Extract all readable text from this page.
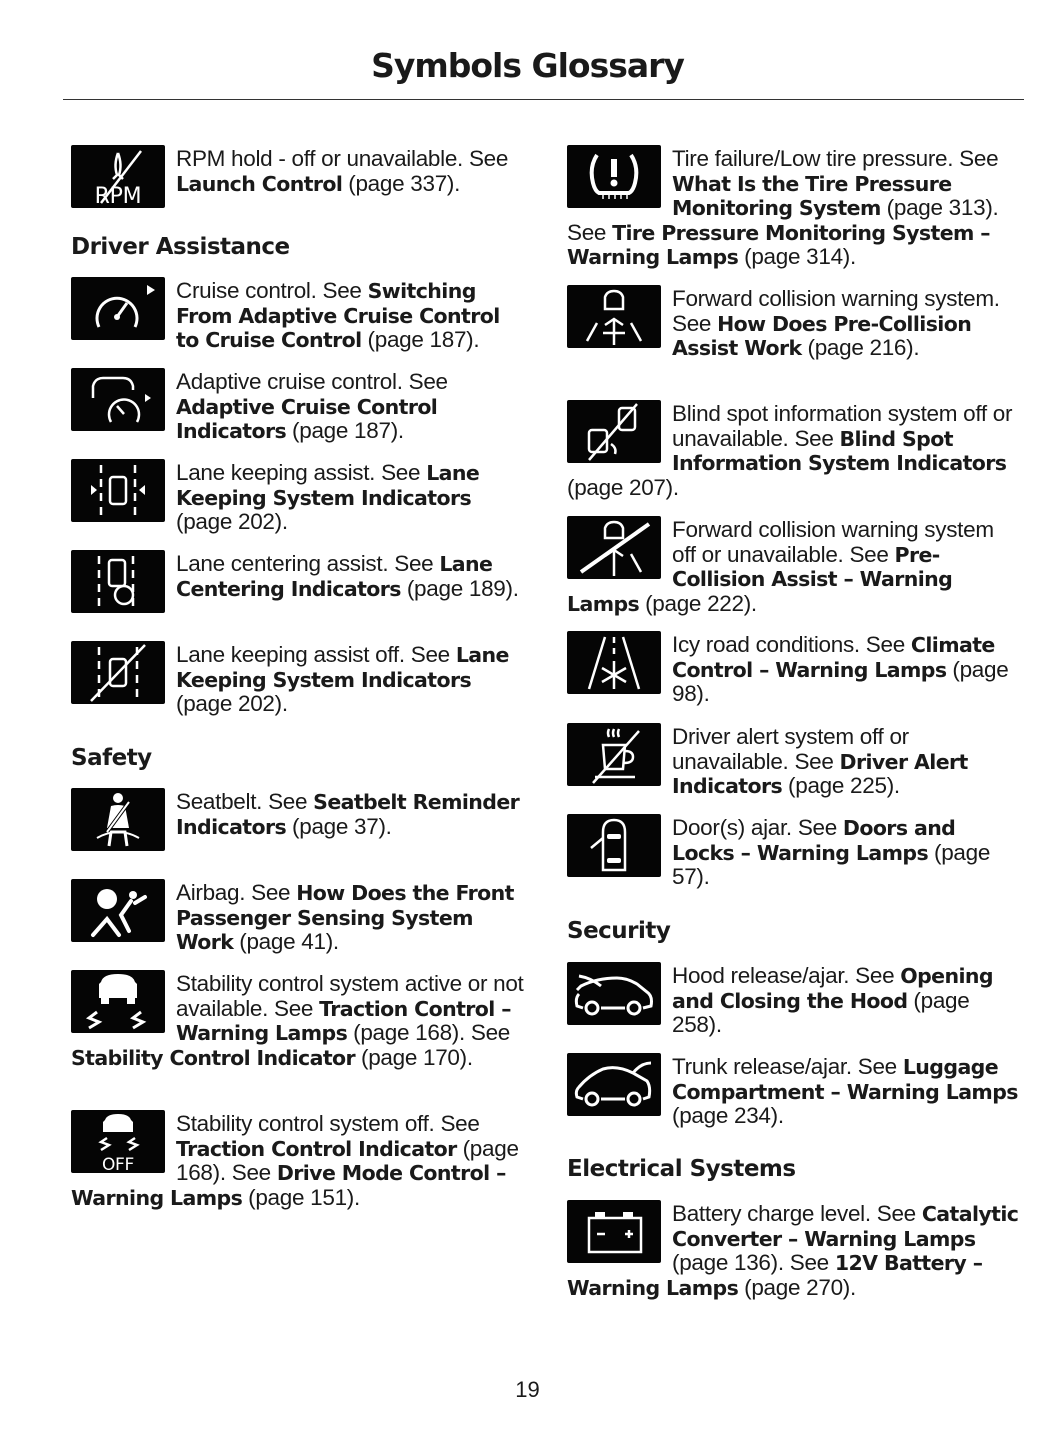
Symbols Glossary
RPM
RPM hold - off or unavailable. See Launch Control (page 337).
Driver Assistance
Cruise control. See Switching From Adaptive Cruise Control to Cruise Control (page 187).
Adaptive cruise control. See Adaptive Cruise Control Indicators (page 187).
Lane keeping assist. See Lane Keeping System Indicators (page 202).
Lane centering assist. See Lane Centering Indicators (page 189).
Lane keeping assist off. See Lane Keeping System Indicators (page 202).
Safety
Seatbelt. See Seatbelt Reminder Indicators (page 37).
Airbag. See How Does the Front Passenger Sensing System Work (page 41).
Stability control system active or not available. See Traction Control – Warning Lamps (page 168). See Stability Control Indicator (page 170).
OFF
Stability control system off. See Traction Control Indicator (page 168). See Drive Mode Control – Warning Lamps (page 151).
Tire failure/Low tire pressure. See What Is the Tire Pressure Monitoring System (page 313). See Tire Pressure Monitoring System – Warning Lamps (page 314).
Forward collision warning system. See How Does Pre-Collision Assist Work (page 216).
Blind spot information system off or unavailable. See Blind Spot Information System Indicators (page 207).
Forward collision warning system off or unavailable. See Pre-Collision Assist – Warning Lamps (page 222).
Icy road conditions. See Climate Control – Warning Lamps (page 98).
Driver alert system off or unavailable. See Driver Alert Indicators (page 225).
Door(s) ajar. See Doors and Locks – Warning Lamps (page 57).
Security
Hood release/ajar. See Opening and Closing the Hood (page 258).
Trunk release/ajar. See Luggage Compartment – Warning Lamps (page 234).
Electrical Systems
Battery charge level. See Catalytic Converter – Warning Lamps (page 136). See 12V Battery – Warning Lamps (page 270).
19
